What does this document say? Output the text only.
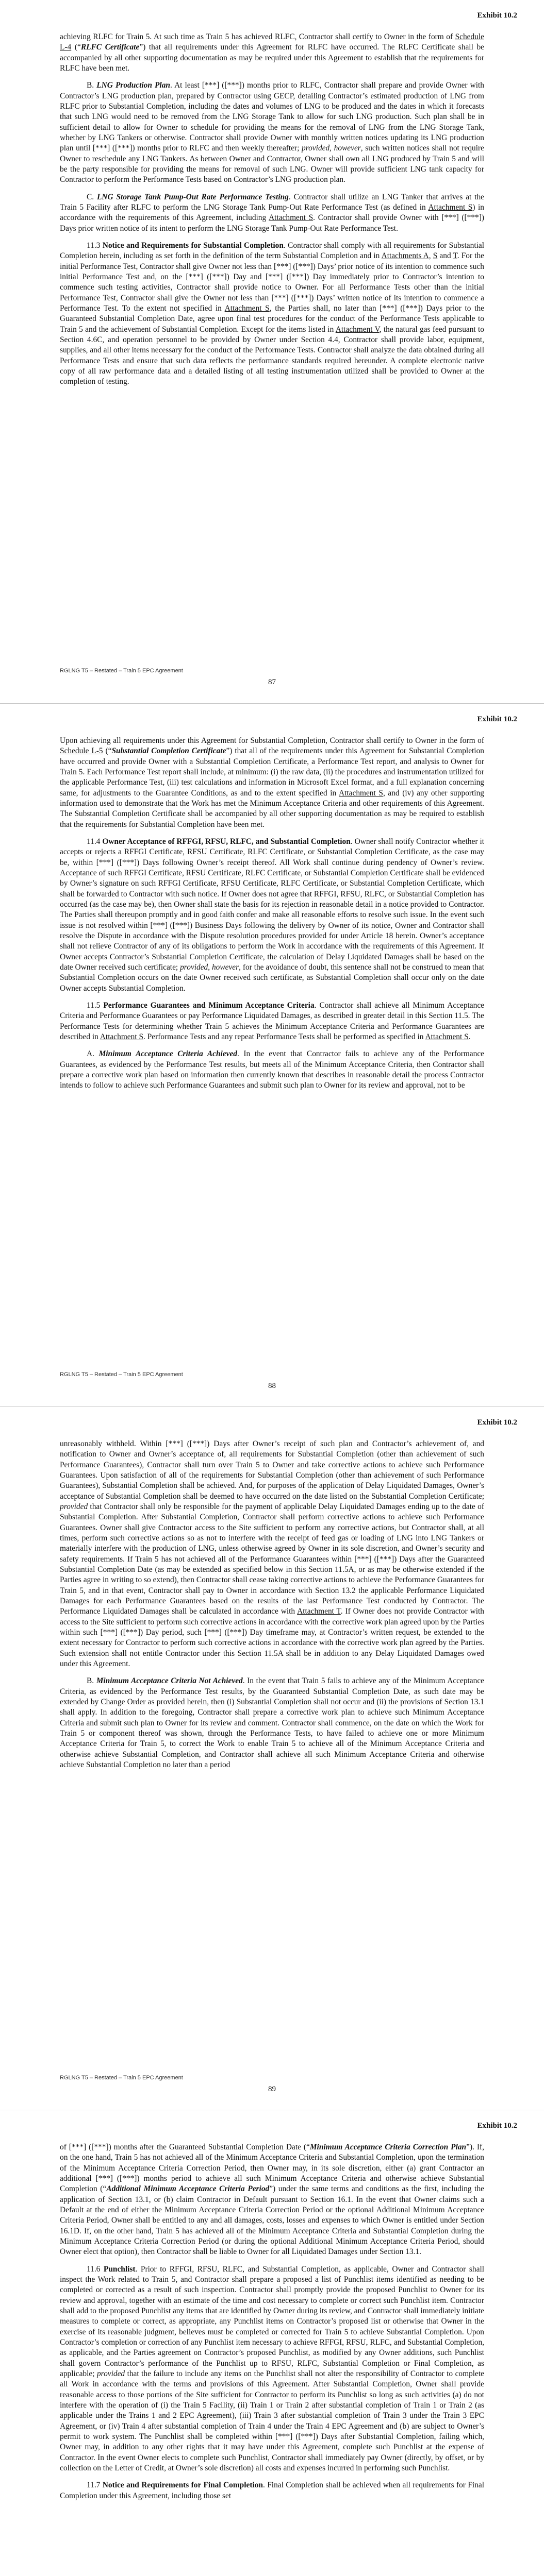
Exhibit 10.2

achieving RLFC for Train 5. At such time as Train 5 has achieved RLFC, Contractor shall certify to Owner in the form of Schedule L-4 (“RLFC Certificate”) that all requirements under this Agreement for RLFC have occurred. The RLFC Certificate shall be accompanied by all other supporting documentation as may be required under this Agreement to establish that the requirements for RLFC have been met.

B. LNG Production Plan. At least [***] ([***]) months prior to RLFC, Contractor shall prepare and provide Owner with Contractor’s LNG production plan, prepared by Contractor using GECP, detailing Contractor’s estimated production of LNG from RLFC prior to Substantial Completion, including the dates and volumes of LNG to be produced and the dates in which it forecasts that such LNG would need to be removed from the LNG Storage Tank to allow for such LNG production. Such plan shall be in sufficient detail to allow for Owner to schedule for providing the means for the removal of LNG from the LNG Storage Tank, whether by LNG Tankers or otherwise. Contractor shall provide Owner with monthly written notices updating its LNG production plan until [***] ([***]) months prior to RLFC and then weekly thereafter; provided, however, such written notices shall not require Owner to reschedule any LNG Tankers. As between Owner and Contractor, Owner shall own all LNG produced by Train 5 and will be the party responsible for providing the means for removal of such LNG. Owner will provide sufficient LNG tank capacity for Contractor to perform the Performance Tests based on Contractor’s LNG production plan.

C. LNG Storage Tank Pump-Out Rate Performance Testing. Contractor shall utilize an LNG Tanker that arrives at the Train 5 Facility after RLFC to perform the LNG Storage Tank Pump-Out Rate Performance Test (as defined in Attachment S) in accordance with the requirements of this Agreement, including Attachment S. Contractor shall provide Owner with [***] ([***]) Days prior written notice of its intent to perform the LNG Storage Tank Pump-Out Rate Performance Test.

11.3 Notice and Requirements for Substantial Completion. Contractor shall comply with all requirements for Substantial Completion herein, including as set forth in the definition of the term Substantial Completion and in Attachments A, S and T. For the initial Performance Test, Contractor shall give Owner not less than [***] ([***]) Days’ prior notice of its intention to commence such initial Performance Test and, on the [***] ([***]) Day and [***] ([***]) Day immediately prior to Contractor’s intention to commence such testing activities, Contractor shall provide notice to Owner. For all Performance Tests other than the initial Performance Test, Contractor shall give the Owner not less than [***] ([***]) Days’ written notice of its intention to commence a Performance Test. To the extent not specified in Attachment S, the Parties shall, no later than [***] ([***]) Days prior to the Guaranteed Substantial Completion Date, agree upon final test procedures for the conduct of the Performance Tests applicable to Train 5 and the achievement of Substantial Completion. Except for the items listed in Attachment V, the natural gas feed pursuant to Section 4.6C, and operation personnel to be provided by Owner under Section 4.4, Contractor shall provide labor, equipment, supplies, and all other items necessary for the conduct of the Performance Tests. Contractor shall analyze the data obtained during all Performance Tests and ensure that such data reflects the performance standards required hereunder. A complete electronic native copy of all raw performance data and a detailed listing of all testing instrumentation utilized shall be provided to Owner at the completion of testing.

RGLNG T5 – Restated – Train 5 EPC Agreement
87
Exhibit 10.2

Upon achieving all requirements under this Agreement for Substantial Completion, Contractor shall certify to Owner in the form of Schedule L-5 (“Substantial Completion Certificate”) that all of the requirements under this Agreement for Substantial Completion have occurred and provide Owner with a Substantial Completion Certificate, a Performance Test report, and analysis to Owner for Train 5. Each Performance Test report shall include, at minimum: (i) the raw data, (ii) the procedures and instrumentation utilized for the applicable Performance Test, (iii) test calculations and information in Microsoft Excel format, and a full explanation concerning same, for adjustments to the Guarantee Conditions, as and to the extent specified in Attachment S, and (iv) any other supporting information used to demonstrate that the Work has met the Minimum Acceptance Criteria and other requirements of this Agreement. The Substantial Completion Certificate shall be accompanied by all other supporting documentation as may be required to establish that the requirements for Substantial Completion have been met.

11.4 Owner Acceptance of RFFGI, RFSU, RLFC, and Substantial Completion. Owner shall notify Contractor whether it accepts or rejects a RFFGI Certificate, RFSU Certificate, RLFC Certificate, or Substantial Completion Certificate, as the case may be, within [***] ([***]) Days following Owner’s receipt thereof. All Work shall continue during pendency of Owner’s review. Acceptance of such RFFGI Certificate, RFSU Certificate, RLFC Certificate, or Substantial Completion Certificate shall be evidenced by Owner’s signature on such RFFGI Certificate, RFSU Certificate, RLFC Certificate, or Substantial Completion Certificate, which shall be forwarded to Contractor with such notice. If Owner does not agree that RFFGI, RFSU, RLFC, or Substantial Completion has occurred (as the case may be), then Owner shall state the basis for its rejection in reasonable detail in a notice provided to Contractor. The Parties shall thereupon promptly and in good faith confer and make all reasonable efforts to resolve such issue. In the event such issue is not resolved within [***] ([***]) Business Days following the delivery by Owner of its notice, Owner and Contractor shall resolve the Dispute in accordance with the Dispute resolution procedures provided for under Article 18 herein. Owner’s acceptance shall not relieve Contractor of any of its obligations to perform the Work in accordance with the requirements of this Agreement. If Owner accepts Contractor’s Substantial Completion Certificate, the calculation of Delay Liquidated Damages shall be based on the date Owner received such certificate; provided, however, for the avoidance of doubt, this sentence shall not be construed to mean that Substantial Completion occurs on the date Owner received such certificate, as Substantial Completion shall occur only on the date Owner accepts Substantial Completion.

11.5 Performance Guarantees and Minimum Acceptance Criteria. Contractor shall achieve all Minimum Acceptance Criteria and Performance Guarantees or pay Performance Liquidated Damages, as described in greater detail in this Section 11.5. The Performance Tests for determining whether Train 5 achieves the Minimum Acceptance Criteria and Performance Guarantees are described in Attachment S. Performance Tests and any repeat Performance Tests shall be performed as specified in Attachment S.

A. Minimum Acceptance Criteria Achieved. In the event that Contractor fails to achieve any of the Performance Guarantees, as evidenced by the Performance Test results, but meets all of the Minimum Acceptance Criteria, then Contractor shall prepare a corrective work plan based on information then currently known that describes in reasonable detail the process Contractor intends to follow to achieve such Performance Guarantees and submit such plan to Owner for its review and approval, not to be

RGLNG T5 – Restated – Train 5 EPC Agreement
88
Exhibit 10.2

unreasonably withheld. Within [***] ([***]) Days after Owner’s receipt of such plan and Contractor’s achievement of, and notification to Owner and Owner’s acceptance of, all requirements for Substantial Completion (other than achievement of such Performance Guarantees), Contractor shall turn over Train 5 to Owner and take corrective actions to achieve such Performance Guarantees. Upon satisfaction of all of the requirements for Substantial Completion (other than achievement of such Performance Guarantees), Substantial Completion shall be achieved. And, for purposes of the application of Delay Liquidated Damages, Owner’s acceptance of Substantial Completion shall be deemed to have occurred on the date listed on the Substantial Completion Certificate; provided that Contractor shall only be responsible for the payment of applicable Delay Liquidated Damages ending up to the date of Substantial Completion. After Substantial Completion, Contractor shall perform corrective actions to achieve such Performance Guarantees. Owner shall give Contractor access to the Site sufficient to perform any corrective actions, but Contractor shall, at all times, perform such corrective actions so as not to interfere with the receipt of feed gas or loading of LNG into LNG Tankers or materially interfere with the production of LNG, unless otherwise agreed by Owner in its sole discretion, and Owner’s security and safety requirements. If Train 5 has not achieved all of the Performance Guarantees within [***] ([***]) Days after the Guaranteed Substantial Completion Date (as may be extended as specified below in this Section 11.5A, or as may be otherwise extended if the Parties agree in writing to so extend), then Contractor shall cease taking corrective actions to achieve the Performance Guarantees for Train 5, and in that event, Contractor shall pay to Owner in accordance with Section 13.2 the applicable Performance Liquidated Damages for each Performance Guarantees based on the results of the last Performance Test conducted by Contractor. The Performance Liquidated Damages shall be calculated in accordance with Attachment T. If Owner does not provide Contractor with access to the Site sufficient to perform such corrective actions in accordance with the corrective work plan agreed upon by the Parties within such [***] ([***]) Day period, such [***] ([***]) Day timeframe may, at Contractor’s written request, be extended to the extent necessary for Contractor to perform such corrective actions in accordance with the corrective work plan agreed by the Parties. Such extension shall not entitle Contractor under this Section 11.5A shall be in addition to any Delay Liquidated Damages owed under this Agreement.

B. Minimum Acceptance Criteria Not Achieved. In the event that Train 5 fails to achieve any of the Minimum Acceptance Criteria, as evidenced by the Performance Test results, by the Guaranteed Substantial Completion Date, as such date may be extended by Change Order as provided herein, then (i) Substantial Completion shall not occur and (ii) the provisions of Section 13.1 shall apply. In addition to the foregoing, Contractor shall prepare a corrective work plan to achieve such Minimum Acceptance Criteria and submit such plan to Owner for its review and comment. Contractor shall commence, on the date on which the Work for Train 5 or component thereof was shown, through the Performance Tests, to have failed to achieve one or more Minimum Acceptance Criteria for Train 5, to correct the Work to enable Train 5 to achieve all of the Minimum Acceptance Criteria and otherwise achieve Substantial Completion, and Contractor shall achieve all such Minimum Acceptance Criteria and otherwise achieve Substantial Completion no later than a period

RGLNG T5 – Restated – Train 5 EPC Agreement
89
Exhibit 10.2

of [***] ([***]) months after the Guaranteed Substantial Completion Date (“Minimum Acceptance Criteria Correction Plan”). If, on the one hand, Train 5 has not achieved all of the Minimum Acceptance Criteria and Substantial Completion, upon the termination of the Minimum Acceptance Criteria Correction Period, then Owner may, in its sole discretion, either (a) grant Contractor an additional [***] ([***]) months period to achieve all such Minimum Acceptance Criteria and otherwise achieve Substantial Completion (“Additional Minimum Acceptance Criteria Period”) under the same terms and conditions as the first, including the application of Section 13.1, or (b) claim Contractor in Default pursuant to Section 16.1. In the event that Owner claims such a Default at the end of either the Minimum Acceptance Criteria Correction Period or the optional Additional Minimum Acceptance Criteria Period, Owner shall be entitled to any and all damages, costs, losses and expenses to which Owner is entitled under Section 16.1D. If, on the other hand, Train 5 has achieved all of the Minimum Acceptance Criteria and Substantial Completion during the Minimum Acceptance Criteria Correction Period (or during the optional Additional Minimum Acceptance Criteria Period, should Owner elect that option), then Contractor shall be liable to Owner for all Liquidated Damages under Section 13.1.

11.6 Punchlist. Prior to RFFGI, RFSU, RLFC, and Substantial Completion, as applicable, Owner and Contractor shall inspect the Work related to Train 5, and Contractor shall prepare a proposed a list of Punchlist items identified as needing to be completed or corrected as a result of such inspection. Contractor shall promptly provide the proposed Punchlist to Owner for its review and approval, together with an estimate of the time and cost necessary to complete or correct such Punchlist item. Contractor shall add to the proposed Punchlist any items that are identified by Owner during its review, and Contractor shall immediately initiate measures to complete or correct, as appropriate, any Punchlist items on Contractor’s proposed list or otherwise that Owner in the exercise of its reasonable judgment, believes must be completed or corrected for Train 5 to achieve Substantial Completion. Upon Contractor’s completion or correction of any Punchlist item necessary to achieve RFFGI, RFSU, RLFC, and Substantial Completion, as applicable, and the Parties agreement on Contractor’s proposed Punchlist, as modified by any Owner additions, such Punchlist shall govern Contractor’s performance of the Punchlist up to RFSU, RLFC, Substantial Completion or Final Completion, as applicable; provided that the failure to include any items on the Punchlist shall not alter the responsibility of Contractor to complete all Work in accordance with the terms and provisions of this Agreement. After Substantial Completion, Owner shall provide reasonable access to those portions of the Site sufficient for Contractor to perform its Punchlist so long as such activities (a) do not interfere with the operation of (i) the Train 5 Facility, (ii) Train 1 or Train 2 after substantial completion of Train 1 or Train 2 (as applicable under the Trains 1 and 2 EPC Agreement), (iii) Train 3 after substantial completion of Train 3 under the Train 3 EPC Agreement, or (iv) Train 4 after substantial completion of Train 4 under the Train 4 EPC Agreement and (b) are subject to Owner’s permit to work system. The Punchlist shall be completed within [***] ([***]) Days after Substantial Completion, failing which, Owner may, in addition to any other rights that it may have under this Agreement, complete such Punchlist at the expense of Contractor. In the event Owner elects to complete such Punchlist, Contractor shall immediately pay Owner (directly, by offset, or by collection on the Letter of Credit, at Owner’s sole discretion) all costs and expenses incurred in performing such Punchlist.

11.7 Notice and Requirements for Final Completion. Final Completion shall be achieved when all requirements for Final Completion under this Agreement, including those set
